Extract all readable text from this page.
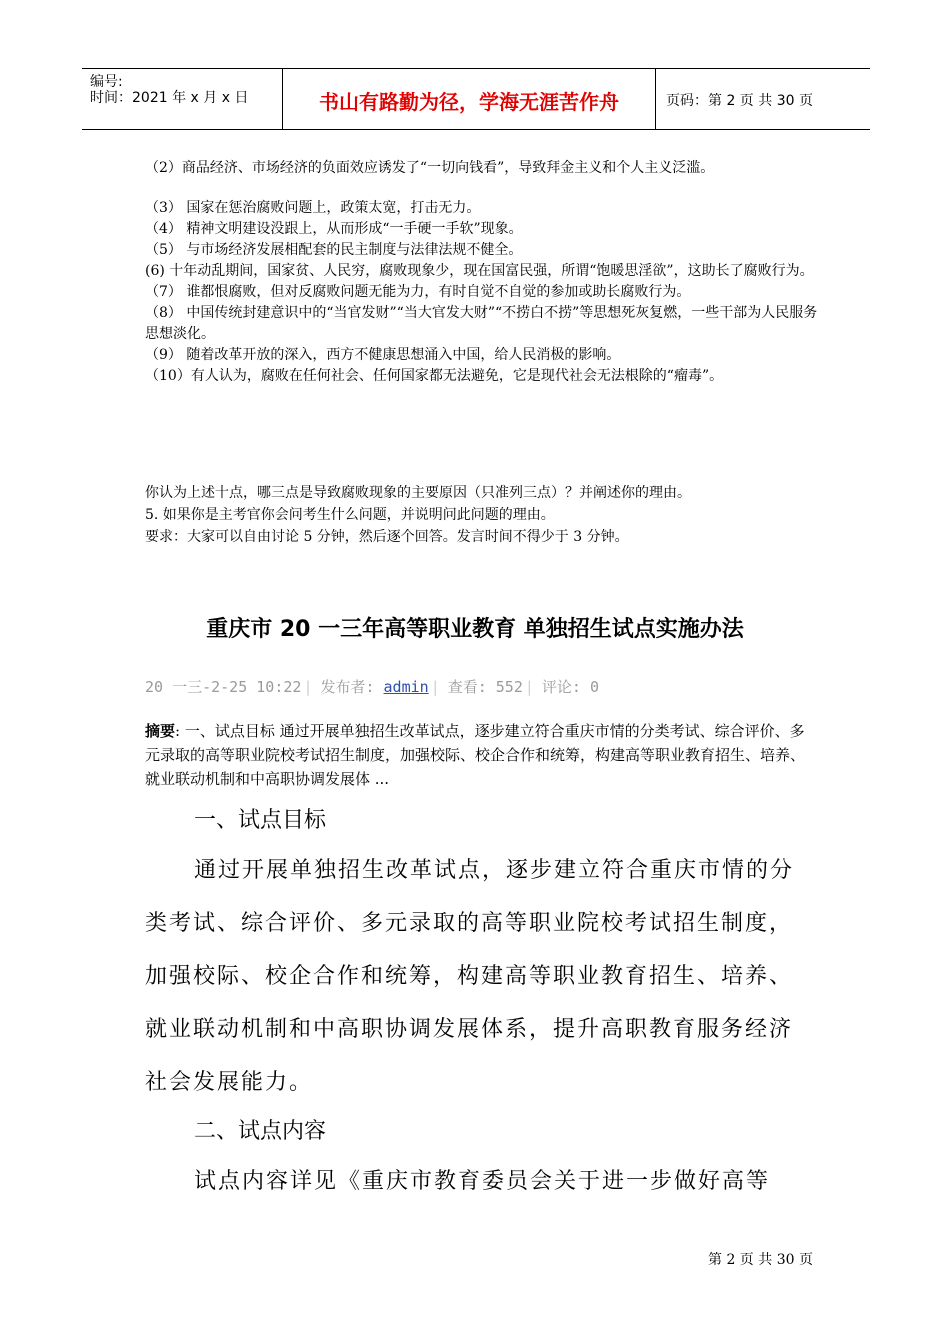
编号:
时间：2021 年 x 月 x 日	书山有路勤为径，学海无涯苦作舟	页码：第 2 页 共 30 页
（2）商品经济、市场经济的负面效应诱发了“一切向钱看”，导致拜金主义和个人主义泛滥。
（3） 国家在惩治腐败问题上，政策太宽，打击无力。
（4） 精神文明建设没跟上，从而形成“一手硬一手软”现象。
（5） 与市场经济发展相配套的民主制度与法律法规不健全。
(6) 十年动乱期间，国家贫、人民穷，腐败现象少，现在国富民强，所谓“饱暖思淫欲”，这助长了腐败行为。
（7） 谁都恨腐败，但对反腐败问题无能为力，有时自觉不自觉的参加或助长腐败行为。
（8） 中国传统封建意识中的“当官发财”“当大官发大财”“不捞白不捞”等思想死灰复燃，一些干部为人民服务思想淡化。
（9） 随着改革开放的深入，西方不健康思想涌入中国，给人民消极的影响。
（10）有人认为，腐败在任何社会、任何国家都无法避免，它是现代社会无法根除的“瘤毒”。
你认为上述十点，哪三点是导致腐败现象的主要原因（只准列三点）？并阐述你的理由。
5. 如果你是主考官你会问考生什么问题，并说明问此问题的理由。
要求：大家可以自由讨论 5 分钟，然后逐个回答。发言时间不得少于 3 分钟。
重庆市 20 一三年高等职业教育 单独招生试点实施办法
20 一三-2-25 10:22 | 发布者: admin | 查看: 552 | 评论: 0
摘要: 一、试点目标 通过开展单独招生改革试点，逐步建立符合重庆市情的分类考试、综合评价、多元录取的高等职业院校考试招生制度，加强校际、校企合作和统筹，构建高等职业教育招生、培养、就业联动机制和中高职协调发展体 ...
一、试点目标
通过开展单独招生改革试点，逐步建立符合重庆市情的分类考试、综合评价、多元录取的高等职业院校考试招生制度，加强校际、校企合作和统筹，构建高等职业教育招生、培养、就业联动机制和中高职协调发展体系，提升高职教育服务经济社会发展能力。
二、试点内容
试点内容详见《重庆市教育委员会关于进一步做好高等
第 2 页 共 30 页
